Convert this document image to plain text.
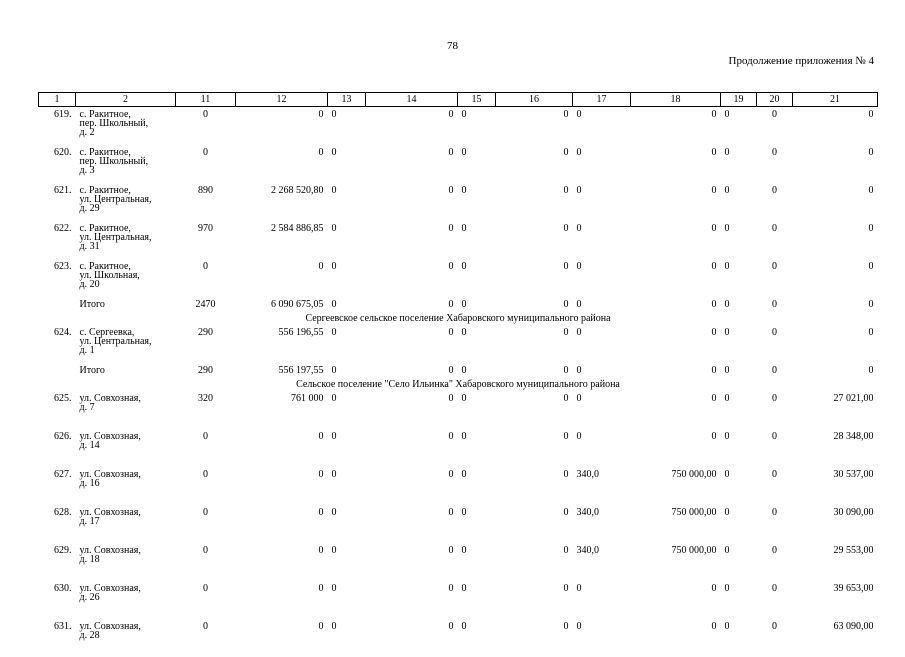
78
Продолжение приложения № 4
1	2	11	12	13	14	15	16	17	18	19	20	21
619.	с. Ракитное,
пер. Школьный,
д. 2	0	0	0	0	0	0	0	0	0	0	0
620.	с. Ракитное,
пер. Школьный,
д. 3	0	0	0	0	0	0	0	0	0	0	0
621.	с. Ракитное,
ул. Центральная,
д. 29	890	2 268 520,80	0	0	0	0	0	0	0	0	0
622.	с. Ракитное,
ул. Центральная,
д. 31	970	2 584 886,85	0	0	0	0	0	0	0	0	0
623.	с. Ракитное,
ул. Школьная,
д. 20	0	0	0	0	0	0	0	0	0	0	0
	Итого	2470	6 090 675,05	0	0	0	0	0	0	0	0	0
Сергеевское сельское поселение Хабаровского муниципального района												
624.	с. Сергеевка,
ул. Центральная,
д. 1	290	556 196,55	0	0	0	0	0	0	0	0	0
	Итого	290	556 197,55	0	0	0	0	0	0	0	0	0
Сельское поселение "Село Ильинка" Хабаровского муниципального района												
625.	ул. Совхозная,
д. 7	320	761 000	0	0	0	0	0	0	0	0	27 021,00
626.	ул. Совхозная,
д. 14	0	0	0	0	0	0	0	0	0	0	28 348,00
627.	ул. Совхозная,
д. 16	0	0	0	0	0	0	340,0	750 000,00	0	0	30 537,00
628.	ул. Совхозная,
д. 17	0	0	0	0	0	0	340,0	750 000,00	0	0	30 090,00
629.	ул. Совхозная,
д. 18	0	0	0	0	0	0	340,0	750 000,00	0	0	29 553,00
630.	ул. Совхозная,
д. 26	0	0	0	0	0	0	0	0	0	0	39 653,00
631.	ул. Совхозная,
д. 28	0	0	0	0	0	0	0	0	0	0	63 090,00
